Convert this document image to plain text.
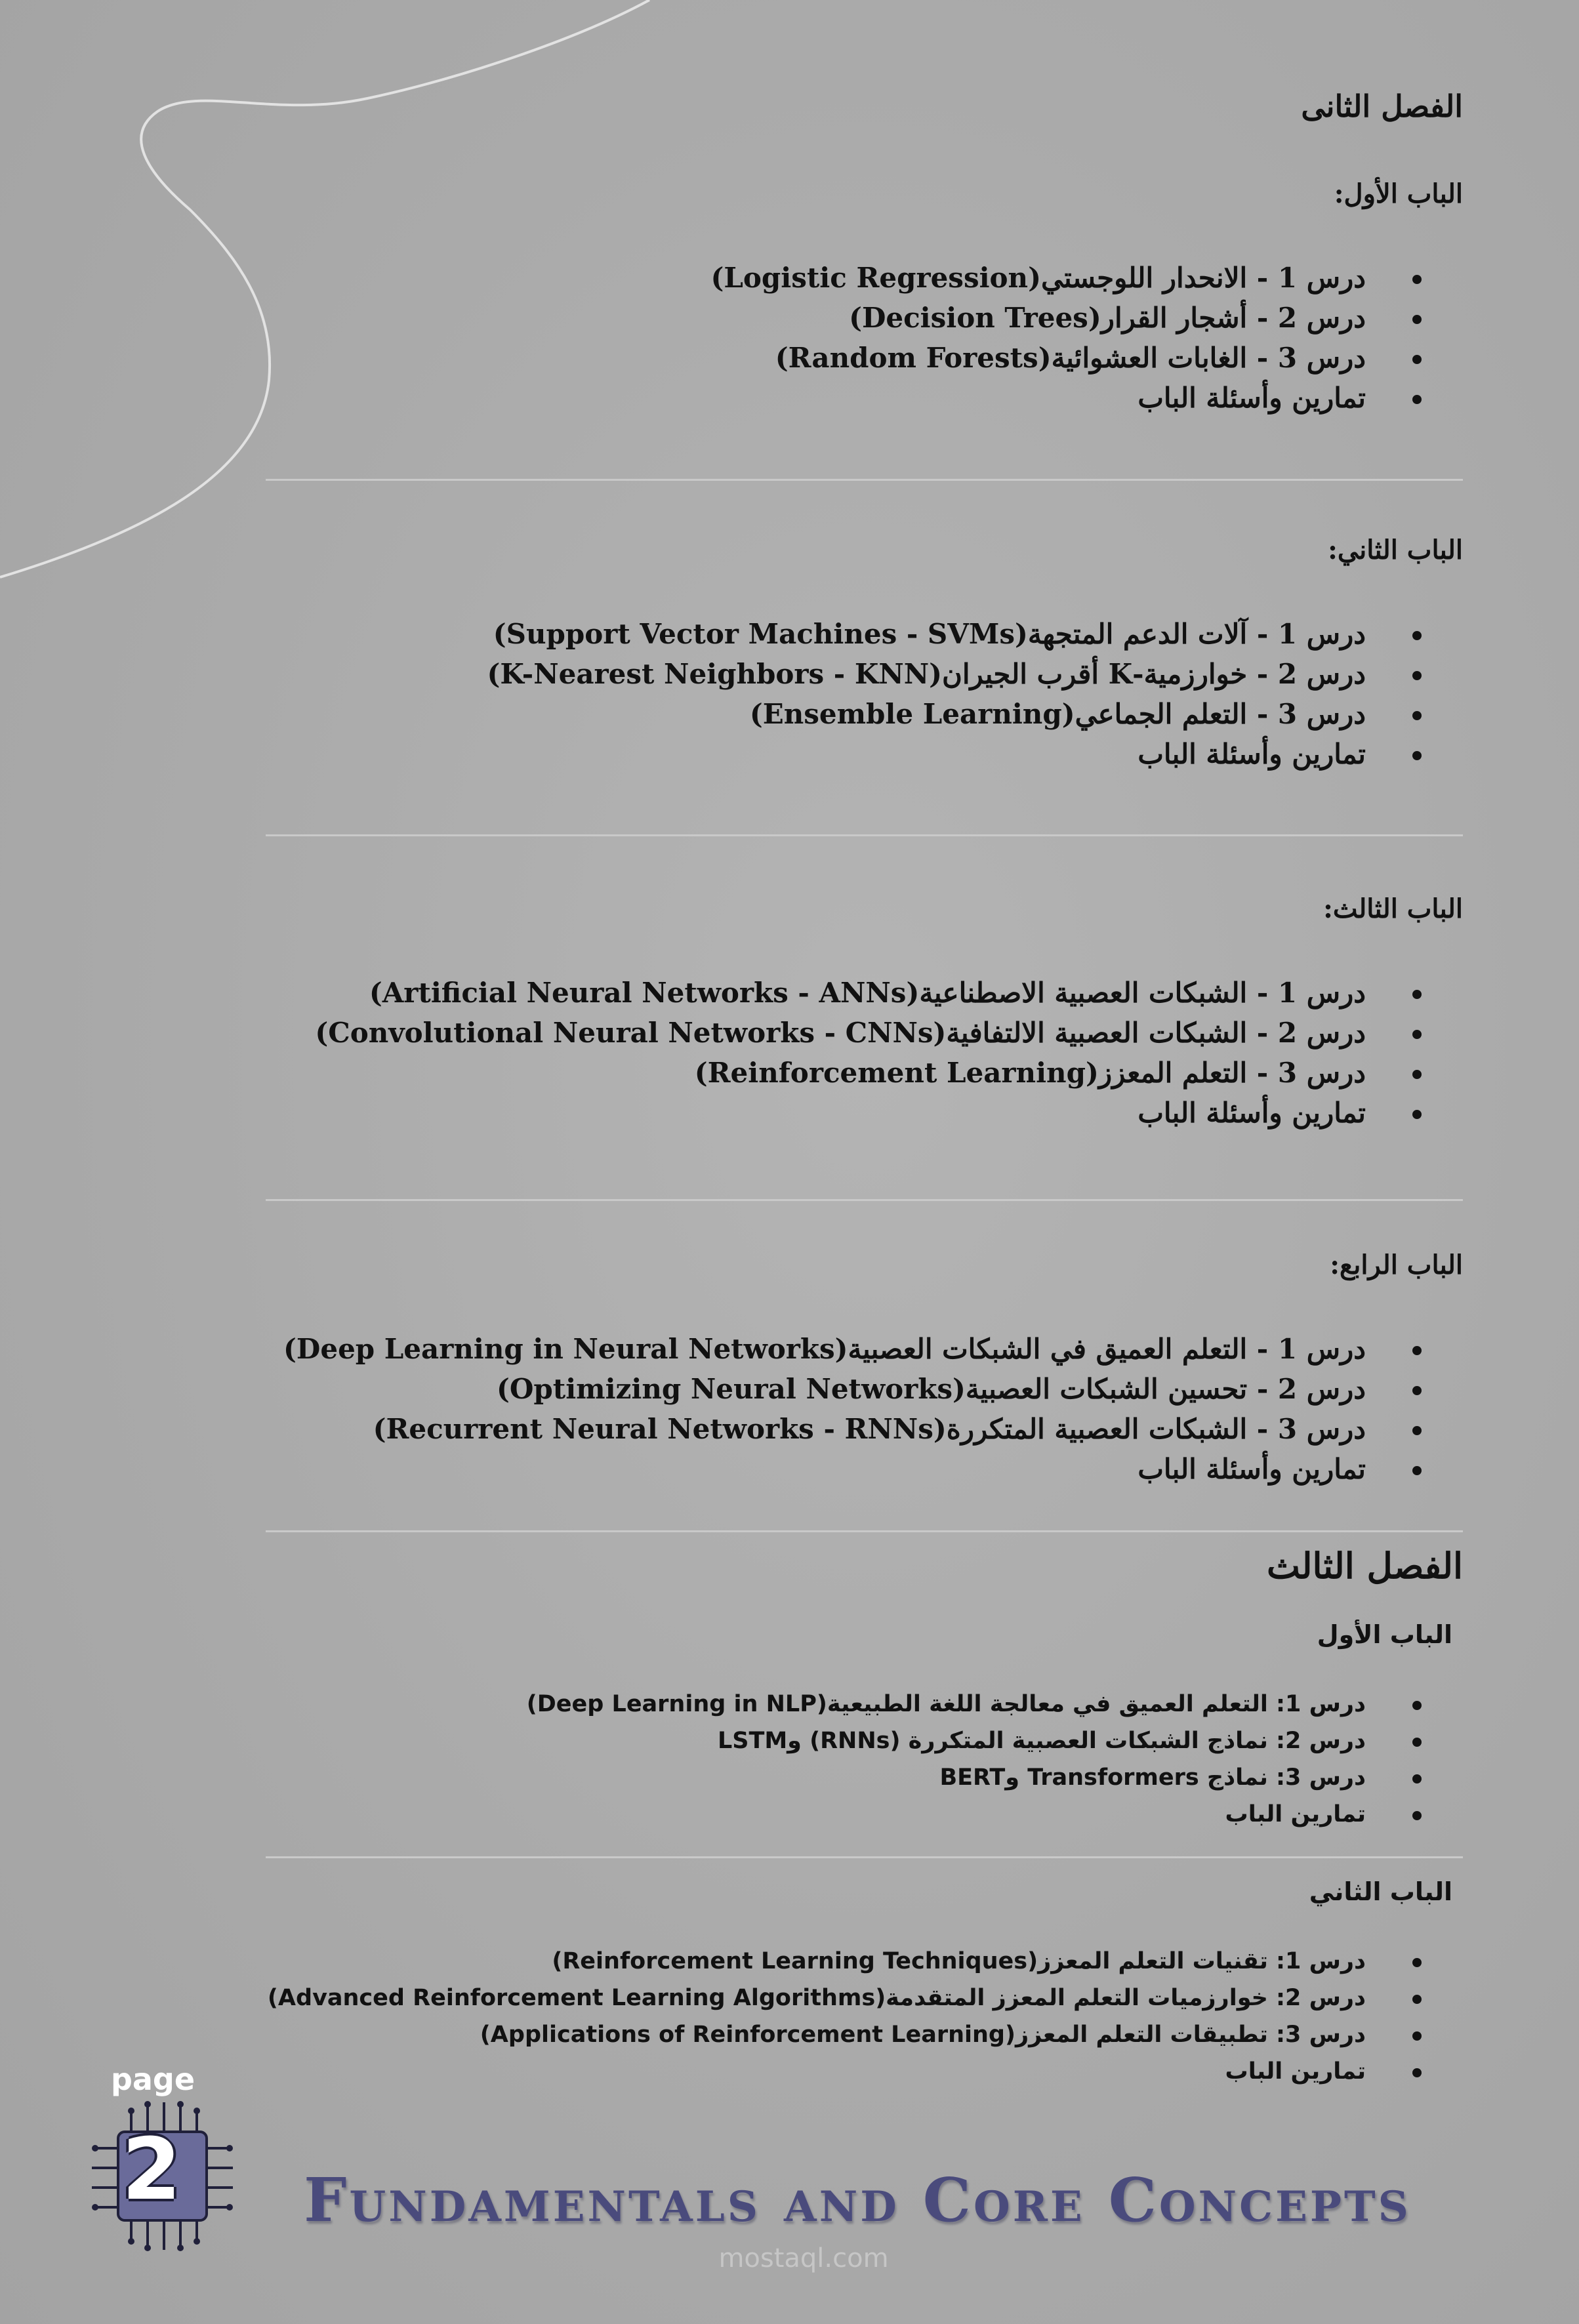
الفصل الثانى
الباب الأول:
درس 1 - الانحدار اللوجستي(Logistic Regression)
درس 2 - أشجار القرار(Decision Trees)
درس 3 - الغابات العشوائية(Random Forests)
تمارين وأسئلة الباب
الباب الثاني:
درس 1 - آلات الدعم المتجهة(Support Vector Machines - SVMs)
درس 2 - خوارزمية-K أقرب الجيران(K-Nearest Neighbors - KNN)
درس 3 - التعلم الجماعي(Ensemble Learning)
تمارين وأسئلة الباب
الباب الثالث:
درس 1 - الشبكات العصبية الاصطناعية(Artificial Neural Networks - ANNs)
درس 2 - الشبكات العصبية الالتفافية(Convolutional Neural Networks - CNNs)
درس 3 - التعلم المعزز(Reinforcement Learning)
تمارين وأسئلة الباب
الباب الرابع:
درس 1 - التعلم العميق في الشبكات العصبية(Deep Learning in Neural Networks)
درس 2 - تحسين الشبكات العصبية(Optimizing Neural Networks)
درس 3 - الشبكات العصبية المتكررة(Recurrent Neural Networks - RNNs)
تمارين وأسئلة الباب
الفصل الثالث
الباب الأول
درس 1: التعلم العميق في معالجة اللغة الطبيعية(Deep Learning in NLP)
درس 2: نماذج الشبكات العصبية المتكررة (RNNs) وLSTM
درس 3: نماذج Transformers وBERT
تمارين الباب
الباب الثاني
درس 1: تقنيات التعلم المعزز(Reinforcement Learning Techniques)
درس 2: خوارزميات التعلم المعزز المتقدمة(Advanced Reinforcement Learning Algorithms)
درس 3: تطبيقات التعلم المعزز(Applications of Reinforcement Learning)
تمارين الباب
page
2	Fundamentals and Core Concepts
mostaql.com
